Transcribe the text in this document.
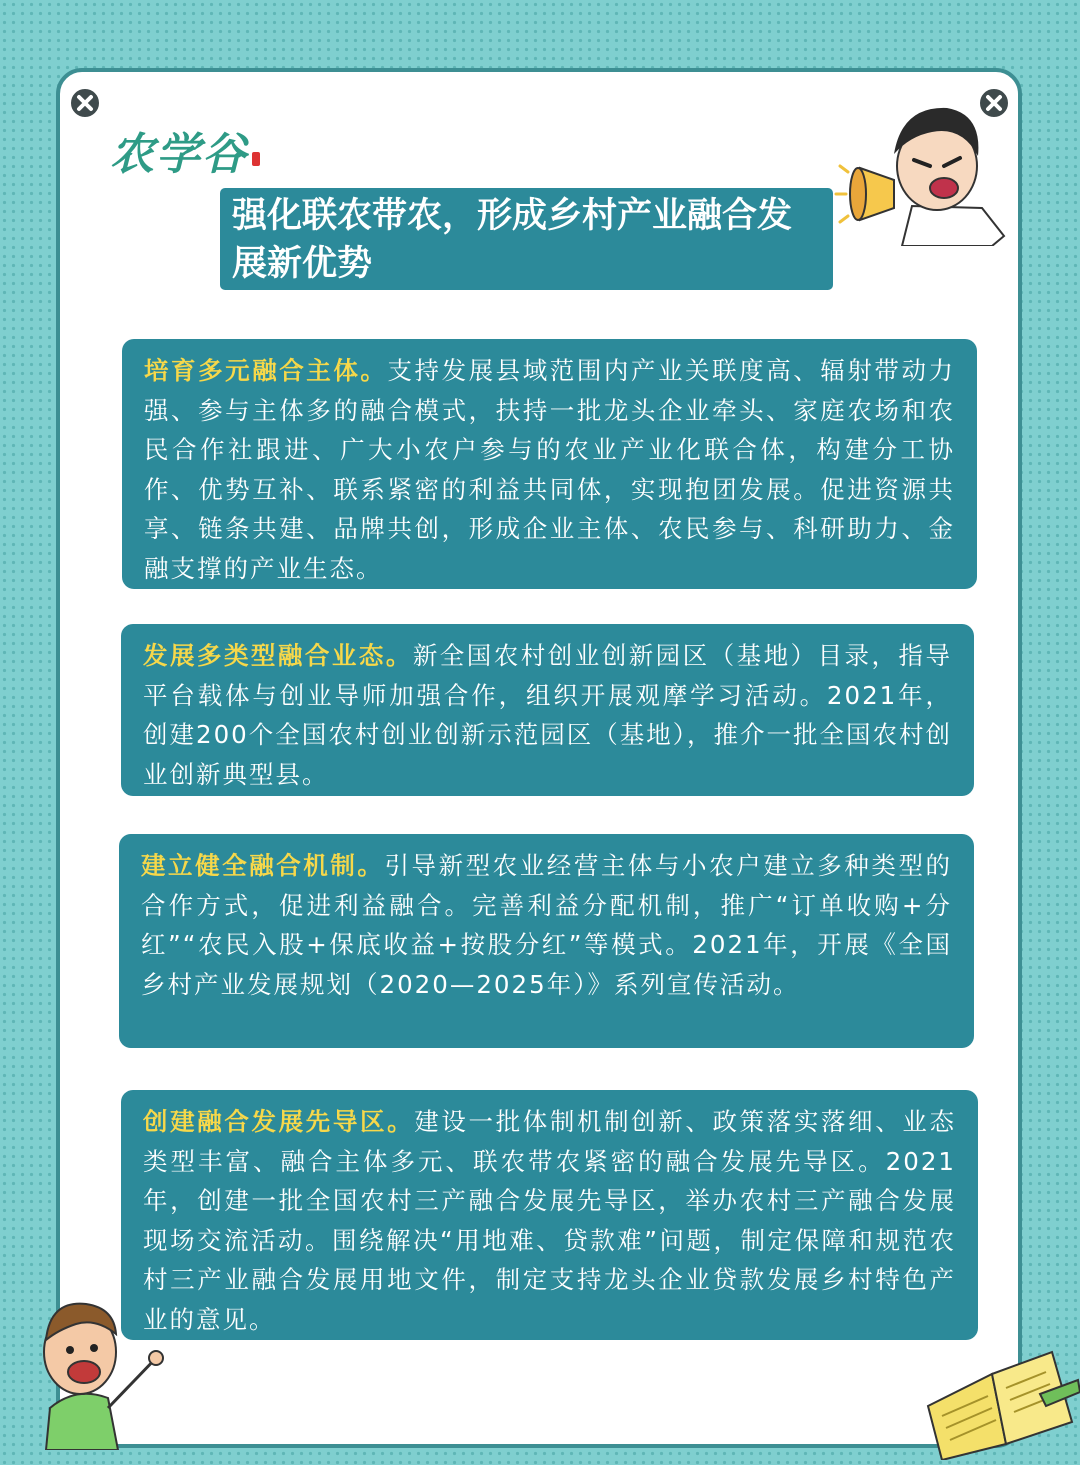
农学谷
强化联农带农，形成乡村产业融合发
展新优势
培育多元融合主体。支持发展县域范围内产业关联度高、辐射带动力强、参与主体多的融合模式，扶持一批龙头企业牵头、家庭农场和农民合作社跟进、广大小农户参与的农业产业化联合体，构建分工协作、优势互补、联系紧密的利益共同体，实现抱团发展。促进资源共享、链条共建、品牌共创，形成企业主体、农民参与、科研助力、金融支撑的产业生态。
发展多类型融合业态。新全国农村创业创新园区（基地）目录，指导平台载体与创业导师加强合作，组织开展观摩学习活动。2021年，创建200个全国农村创业创新示范园区（基地），推介一批全国农村创业创新典型县。
建立健全融合机制。引导新型农业经营主体与小农户建立多种类型的合作方式，促进利益融合。完善利益分配机制，推广“订单收购+分红”“农民入股+保底收益+按股分红”等模式。2021年，开展《全国乡村产业发展规划（2020—2025年）》系列宣传活动。
创建融合发展先导区。建设一批体制机制创新、政策落实落细、业态类型丰富、融合主体多元、联农带农紧密的融合发展先导区。2021年，创建一批全国农村三产融合发展先导区，举办农村三产融合发展现场交流活动。围绕解决“用地难、贷款难”问题，制定保障和规范农村三产业融合发展用地文件，制定支持龙头企业贷款发展乡村特色产业的意见。
